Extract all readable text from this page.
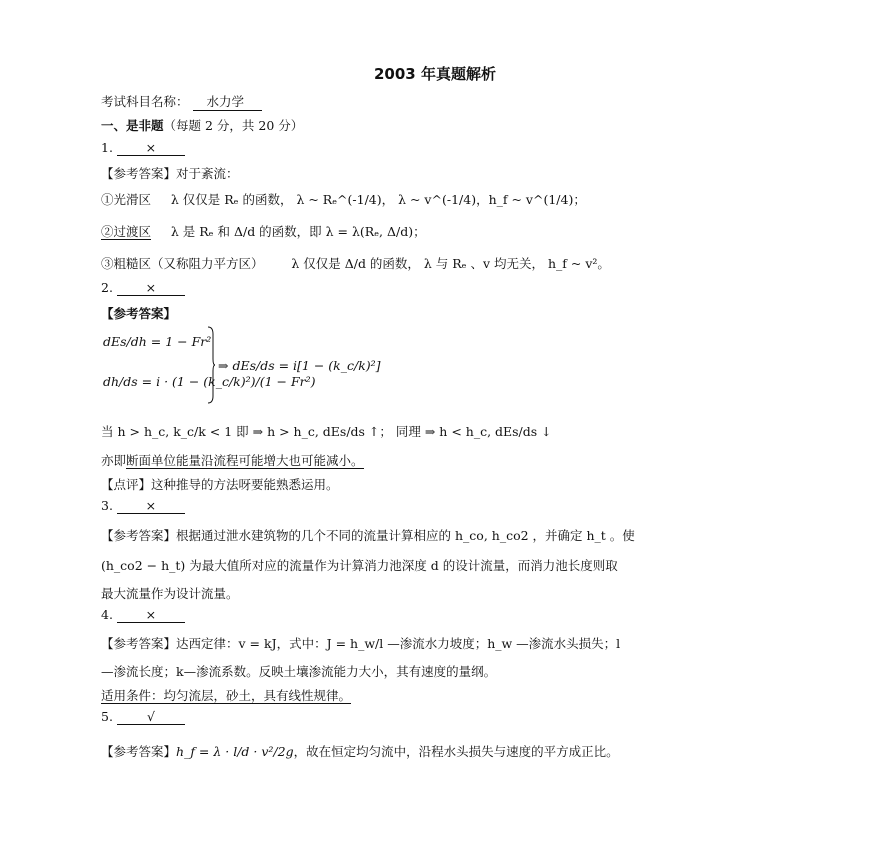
2003 年真题解析
考试科目名称： 水力学
一、是非题（每题 2 分，共 20 分）
1.	×
【参考答案】对于紊流：
①光滑区 λ 仅仅是 Rₑ 的函数， λ ~ Rₑ^(-1/4)， λ ~ v^(-1/4)，h_f ~ v^(1/4)；
②过渡区 λ 是 Rₑ 和 Δ/d 的函数，即 λ = λ(Rₑ, Δ/d)；
③粗糙区（又称阻力平方区） λ 仅仅是 Δ/d 的函数， λ 与 Rₑ 、v 均无关， h_f ~ v²。
2.	×
【参考答案】
dEs/dh = 1 − Fr²
dh/ds = i · (1 − (k_c/k)²)/(1 − Fr²)
⇒ dEs/ds = i[1 − (k_c/k)²]
当 h > h_c, k_c/k < 1 即 ⇒ h > h_c, dEs/ds ↑； 同理 ⇒ h < h_c, dEs/ds ↓
亦即断面单位能量沿流程可能增大也可能减小。
【点评】这种推导的方法呀要能熟悉运用。
3.	×
【参考答案】根据通过泄水建筑物的几个不同的流量计算相应的 h_co, h_co2 ，并确定 h_t 。使
(h_co2 − h_t) 为最大值所对应的流量作为计算消力池深度 d 的设计流量，而消力池长度则取
最大流量作为设计流量。
4.	×
【参考答案】达西定律：v = kJ，式中：J = h_w/l —渗流水力坡度；h_w —渗流水头损失；l
—渗流长度；k—渗流系数。反映土壤渗流能力大小，其有速度的量纲。
适用条件：均匀流层，砂土，具有线性规律。
5.	√
【参考答案】h_f = λ · l/d · v²/2g，故在恒定均匀流中，沿程水头损失与速度的平方成正比。
